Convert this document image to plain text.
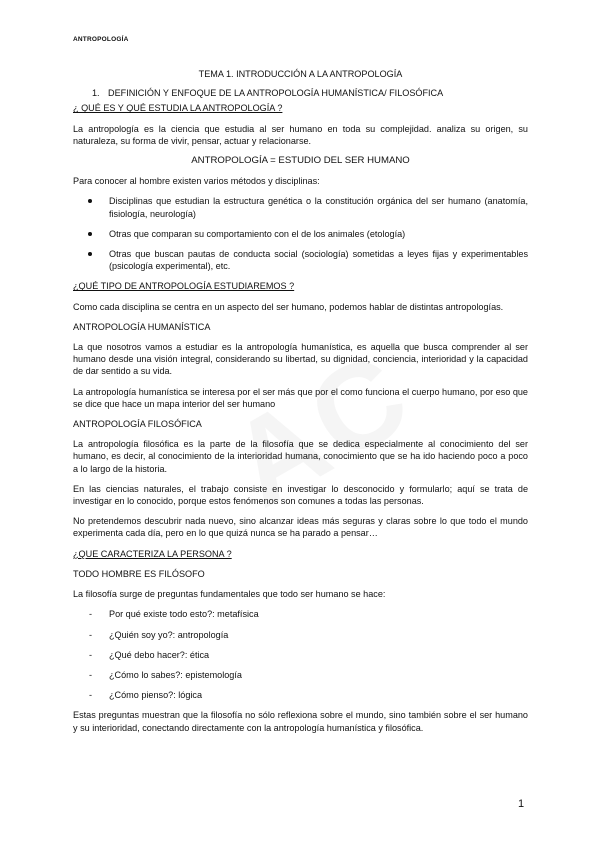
ANTROPOLOGÍA
TEMA 1. INTRODUCCIÓN A LA ANTROPOLOGÍA
1. DEFINICIÓN Y ENFOQUE DE LA ANTROPOLOGÍA HUMANÍSTICA/ FILOSÓFICA
¿ QUÉ ES Y QUÉ ESTUDIA LA ANTROPOLOGÍA ?

La antropología es la ciencia que estudia al ser humano en toda su complejidad. analiza su origen, su naturaleza, su forma de vivir, pensar, actuar y relacionarse.

ANTROPOLOGÍA = ESTUDIO DEL SER HUMANO

Para conocer al hombre existen varios métodos y disciplinas:

Disciplinas que estudian la estructura genética o la constitución orgánica del ser humano (anatomía, fisiología, neurología)
Otras que comparan su comportamiento con el de los animales (etología)
Otras que buscan pautas de conducta social (sociología) sometidas a leyes fijas y experimentables (psicología experimental), etc.
¿QUÉ TIPO DE ANTROPOLOGÍA ESTUDIAREMOS ?

Como cada disciplina se centra en un aspecto del ser humano, podemos hablar de distintas antropologías.

ANTROPOLOGÍA HUMANÍSTICA

La que nosotros vamos a estudiar es la antropología humanística, es aquella que busca comprender al ser humano desde una visión integral, considerando su libertad, su dignidad, conciencia, interioridad y la capacidad de dar sentido a su vida.

La antropología humanística se interesa por el ser más que por el como funciona el cuerpo humano, por eso que se dice que hace un mapa interior del ser humano

ANTROPOLOGÍA FILOSÓFICA

La antropología filosófica es la parte de la filosofía que se dedica especialmente al conocimiento del ser humano, es decir, al conocimiento de la interioridad humana, conocimiento que se ha ido haciendo poco a poco a lo largo de la historia.

En las ciencias naturales, el trabajo consiste en investigar lo desconocido y formularlo; aquí se trata de investigar en lo conocido, porque estos fenómenos son comunes a todas las personas.

No pretendemos descubrir nada nuevo, sino alcanzar ideas más seguras y claras sobre lo que todo el mundo experimenta cada día, pero en lo que quizá nunca se ha parado a pensar…

¿QUE CARACTERIZA LA PERSONA ?
TODO HOMBRE ES FILÓSOFO

La filosofía surge de preguntas fundamentales que todo ser humano se hace:

- Por qué existe todo esto?: metafísica
- ¿Quién soy yo?: antropología
- ¿Qué debo hacer?: ética
- ¿Cómo lo sabes?: epistemología
- ¿Cómo pienso?: lógica

Estas preguntas muestran que la filosofía no sólo reflexiona sobre el mundo, sino también sobre el ser humano y su interioridad, conectando directamente con la antropología humanística y filosófica.

1
